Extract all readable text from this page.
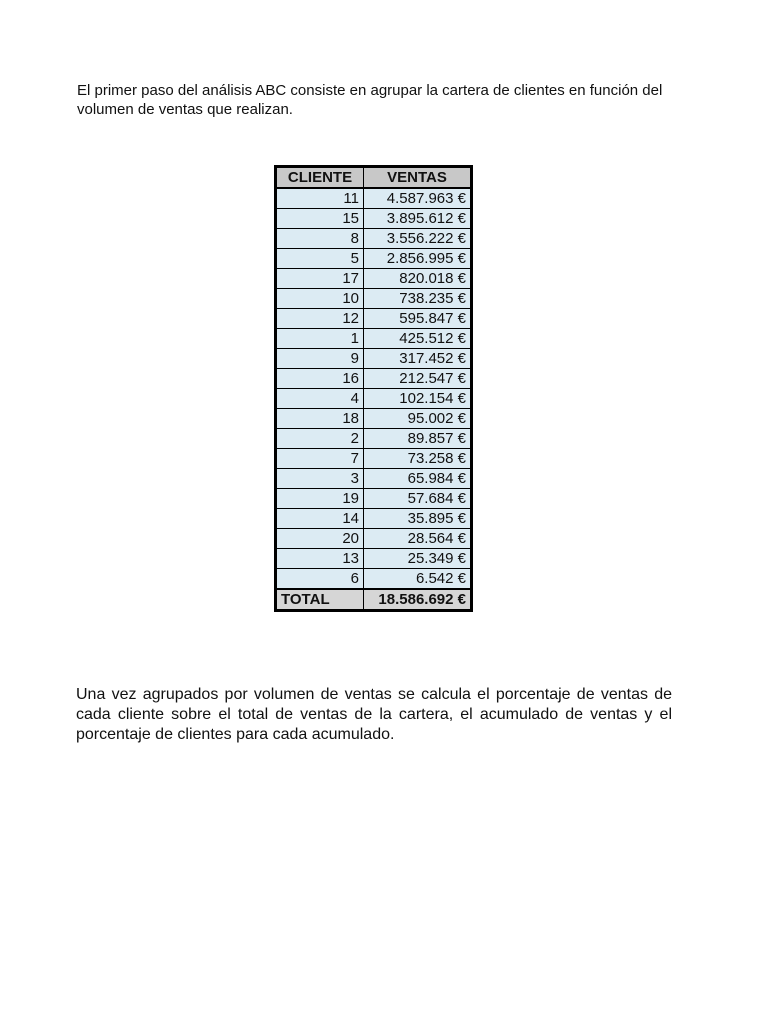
El primer paso del análisis ABC consiste en agrupar la cartera de clientes en función del volumen de ventas que realizan.

CLIENTE	VENTAS
11	4.587.963 €
15	3.895.612 €
8	3.556.222 €
5	2.856.995 €
17	820.018 €
10	738.235 €
12	595.847 €
1	425.512 €
9	317.452 €
16	212.547 €
4	102.154 €
18	95.002 €
2	89.857 €
7	73.258 €
3	65.984 €
19	57.684 €
14	35.895 €
20	28.564 €
13	25.349 €
6	6.542 €
TOTAL	18.586.692 €

Una vez agrupados por volumen de ventas se calcula el porcentaje de ventas de cada cliente sobre el total de ventas de la cartera, el acumulado de ventas y el porcentaje de clientes para cada acumulado.
